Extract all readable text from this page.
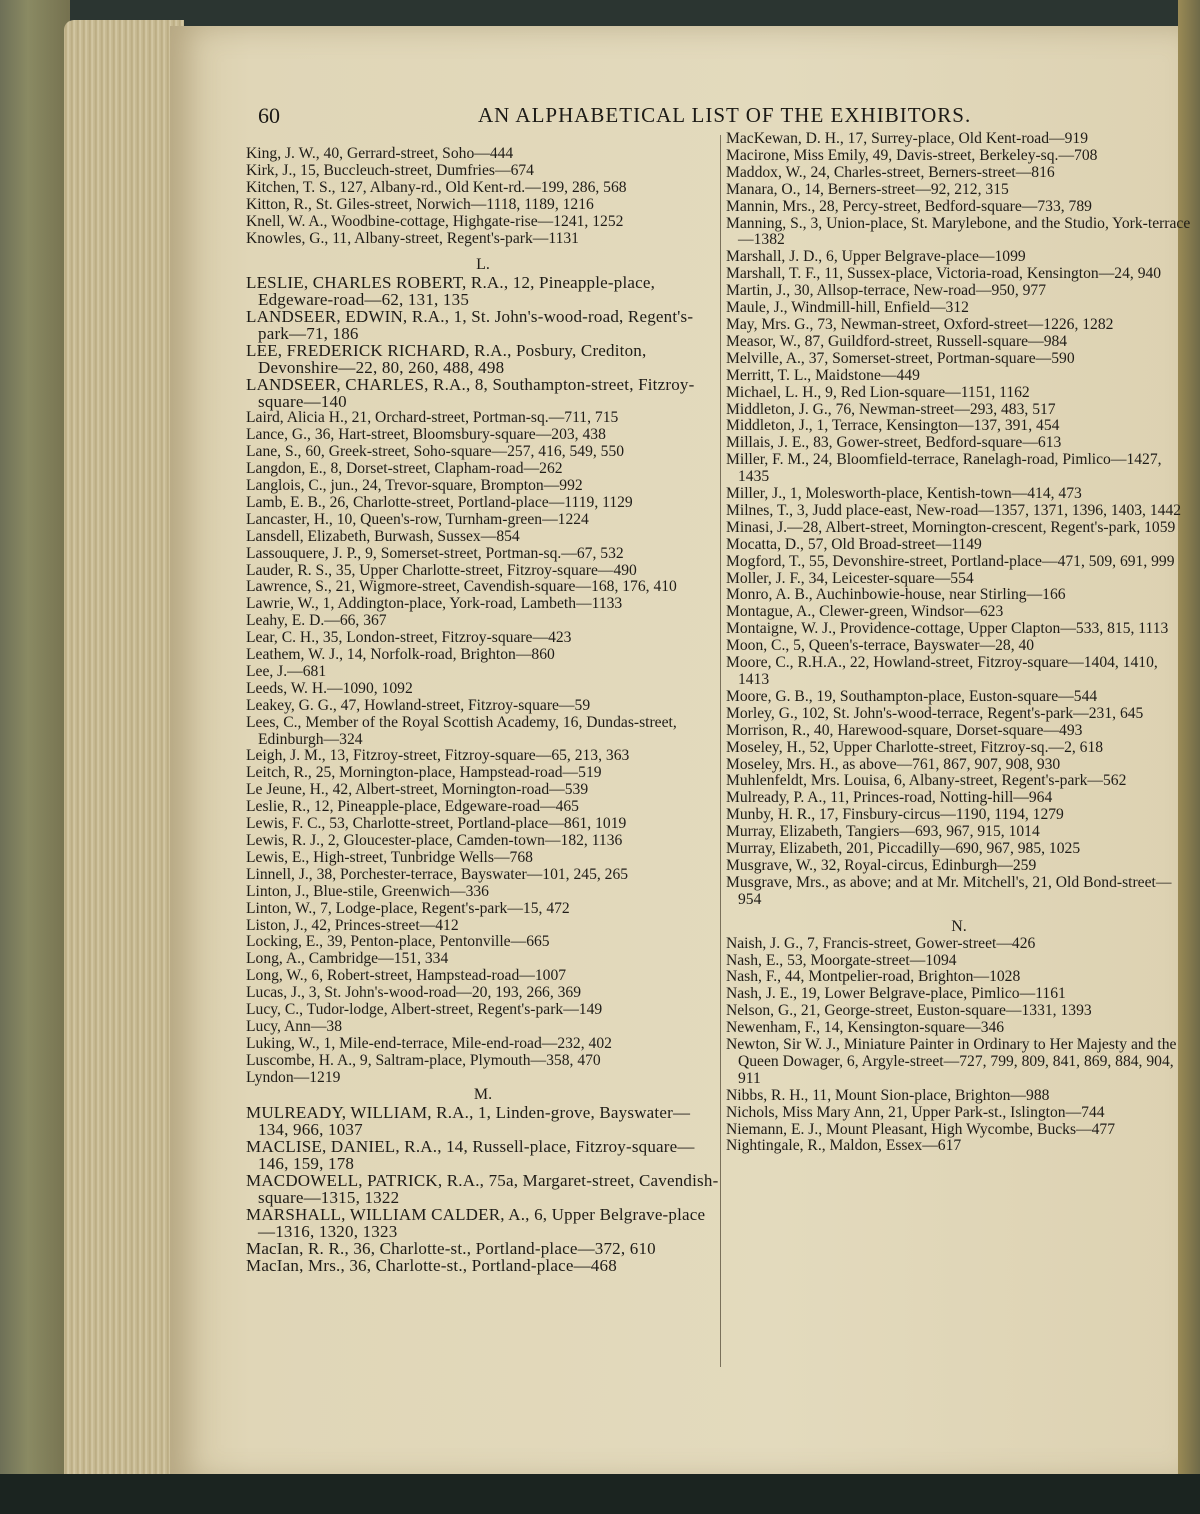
60	AN ALPHABETICAL LIST OF THE EXHIBITORS.

King, J. W., 40, Gerrard-street, Soho—444

Kirk, J., 15, Buccleuch-street, Dumfries—674

Kitchen, T. S., 127, Albany-rd., Old Kent-rd.—199, 286, 568

Kitton, R., St. Giles-street, Norwich—1118, 1189, 1216

Knell, W. A., Woodbine-cottage, Highgate-rise—1241, 1252

Knowles, G., 11, Albany-street, Regent's-park—1131

L.

LESLIE, CHARLES ROBERT, R.A., 12, Pineapple-place, Edgeware-road—62, 131, 135

LANDSEER, EDWIN, R.A., 1, St. John's-wood-road, Regent's-park—71, 186

LEE, FREDERICK RICHARD, R.A., Posbury, Crediton, Devonshire—22, 80, 260, 488, 498

LANDSEER, CHARLES, R.A., 8, Southampton-street, Fitzroy-square—140

Laird, Alicia H., 21, Orchard-street, Portman-sq.—711, 715

Lance, G., 36, Hart-street, Bloomsbury-square—203, 438

Lane, S., 60, Greek-street, Soho-square—257, 416, 549, 550

Langdon, E., 8, Dorset-street, Clapham-road—262

Langlois, C., jun., 24, Trevor-square, Brompton—992

Lamb, E. B., 26, Charlotte-street, Portland-place—1119, 1129

Lancaster, H., 10, Queen's-row, Turnham-green—1224

Lansdell, Elizabeth, Burwash, Sussex—854

Lassouquere, J. P., 9, Somerset-street, Portman-sq.—67, 532

Lauder, R. S., 35, Upper Charlotte-street, Fitzroy-square—490

Lawrence, S., 21, Wigmore-street, Cavendish-square—168, 176, 410

Lawrie, W., 1, Addington-place, York-road, Lambeth—1133

Leahy, E. D.—66, 367

Lear, C. H., 35, London-street, Fitzroy-square—423

Leathem, W. J., 14, Norfolk-road, Brighton—860

Lee, J.—681

Leeds, W. H.—1090, 1092

Leakey, G. G., 47, Howland-street, Fitzroy-square—59

Lees, C., Member of the Royal Scottish Academy, 16, Dundas-street, Edinburgh—324

Leigh, J. M., 13, Fitzroy-street, Fitzroy-square—65, 213, 363

Leitch, R., 25, Mornington-place, Hampstead-road—519

Le Jeune, H., 42, Albert-street, Mornington-road—539

Leslie, R., 12, Pineapple-place, Edgeware-road—465

Lewis, F. C., 53, Charlotte-street, Portland-place—861, 1019

Lewis, R. J., 2, Gloucester-place, Camden-town—182, 1136

Lewis, E., High-street, Tunbridge Wells—768

Linnell, J., 38, Porchester-terrace, Bayswater—101, 245, 265

Linton, J., Blue-stile, Greenwich—336

Linton, W., 7, Lodge-place, Regent's-park—15, 472

Liston, J., 42, Princes-street—412

Locking, E., 39, Penton-place, Pentonville—665

Long, A., Cambridge—151, 334

Long, W., 6, Robert-street, Hampstead-road—1007

Lucas, J., 3, St. John's-wood-road—20, 193, 266, 369

Lucy, C., Tudor-lodge, Albert-street, Regent's-park—149

Lucy, Ann—38

Luking, W., 1, Mile-end-terrace, Mile-end-road—232, 402

Luscombe, H. A., 9, Saltram-place, Plymouth—358, 470

Lyndon—1219

M.

MULREADY, WILLIAM, R.A., 1, Linden-grove, Bayswater—134, 966, 1037

MACLISE, DANIEL, R.A., 14, Russell-place, Fitzroy-square—146, 159, 178

MACDOWELL, PATRICK, R.A., 75a, Margaret-street, Cavendish-square—1315, 1322

MARSHALL, WILLIAM CALDER, A., 6, Upper Belgrave-place—1316, 1320, 1323

MacIan, R. R., 36, Charlotte-st., Portland-place—372, 610

MacIan, Mrs., 36, Charlotte-st., Portland-place—468

MacKewan, D. H., 17, Surrey-place, Old Kent-road—919

Macirone, Miss Emily, 49, Davis-street, Berkeley-sq.—708

Maddox, W., 24, Charles-street, Berners-street—816

Manara, O., 14, Berners-street—92, 212, 315

Mannin, Mrs., 28, Percy-street, Bedford-square—733, 789

Manning, S., 3, Union-place, St. Marylebone, and the Studio, York-terrace—1382

Marshall, J. D., 6, Upper Belgrave-place—1099

Marshall, T. F., 11, Sussex-place, Victoria-road, Kensington—24, 940

Martin, J., 30, Allsop-terrace, New-road—950, 977

Maule, J., Windmill-hill, Enfield—312

May, Mrs. G., 73, Newman-street, Oxford-street—1226, 1282

Measor, W., 87, Guildford-street, Russell-square—984

Melville, A., 37, Somerset-street, Portman-square—590

Merritt, T. L., Maidstone—449

Michael, L. H., 9, Red Lion-square—1151, 1162

Middleton, J. G., 76, Newman-street—293, 483, 517

Middleton, J., 1, Terrace, Kensington—137, 391, 454

Millais, J. E., 83, Gower-street, Bedford-square—613

Miller, F. M., 24, Bloomfield-terrace, Ranelagh-road, Pimlico—1427, 1435

Miller, J., 1, Molesworth-place, Kentish-town—414, 473

Milnes, T., 3, Judd place-east, New-road—1357, 1371, 1396, 1403, 1442

Minasi, J.—28, Albert-street, Mornington-crescent, Regent's-park, 1059

Mocatta, D., 57, Old Broad-street—1149

Mogford, T., 55, Devonshire-street, Portland-place—471, 509, 691, 999

Moller, J. F., 34, Leicester-square—554

Monro, A. B., Auchinbowie-house, near Stirling—166

Montague, A., Clewer-green, Windsor—623

Montaigne, W. J., Providence-cottage, Upper Clapton—533, 815, 1113

Moon, C., 5, Queen's-terrace, Bayswater—28, 40

Moore, C., R.H.A., 22, Howland-street, Fitzroy-square—1404, 1410, 1413

Moore, G. B., 19, Southampton-place, Euston-square—544

Morley, G., 102, St. John's-wood-terrace, Regent's-park—231, 645

Morrison, R., 40, Harewood-square, Dorset-square—493

Moseley, H., 52, Upper Charlotte-street, Fitzroy-sq.—2, 618

Moseley, Mrs. H., as above—761, 867, 907, 908, 930

Muhlenfeldt, Mrs. Louisa, 6, Albany-street, Regent's-park—562

Mulready, P. A., 11, Princes-road, Notting-hill—964

Munby, H. R., 17, Finsbury-circus—1190, 1194, 1279

Murray, Elizabeth, Tangiers—693, 967, 915, 1014

Murray, Elizabeth, 201, Piccadilly—690, 967, 985, 1025

Musgrave, W., 32, Royal-circus, Edinburgh—259

Musgrave, Mrs., as above; and at Mr. Mitchell's, 21, Old Bond-street—954

N.

Naish, J. G., 7, Francis-street, Gower-street—426

Nash, E., 53, Moorgate-street—1094

Nash, F., 44, Montpelier-road, Brighton—1028

Nash, J. E., 19, Lower Belgrave-place, Pimlico—1161

Nelson, G., 21, George-street, Euston-square—1331, 1393

Newenham, F., 14, Kensington-square—346

Newton, Sir W. J., Miniature Painter in Ordinary to Her Majesty and the Queen Dowager, 6, Argyle-street—727, 799, 809, 841, 869, 884, 904, 911

Nibbs, R. H., 11, Mount Sion-place, Brighton—988

Nichols, Miss Mary Ann, 21, Upper Park-st., Islington—744

Niemann, E. J., Mount Pleasant, High Wycombe, Bucks—477

Nightingale, R., Maldon, Essex—617
